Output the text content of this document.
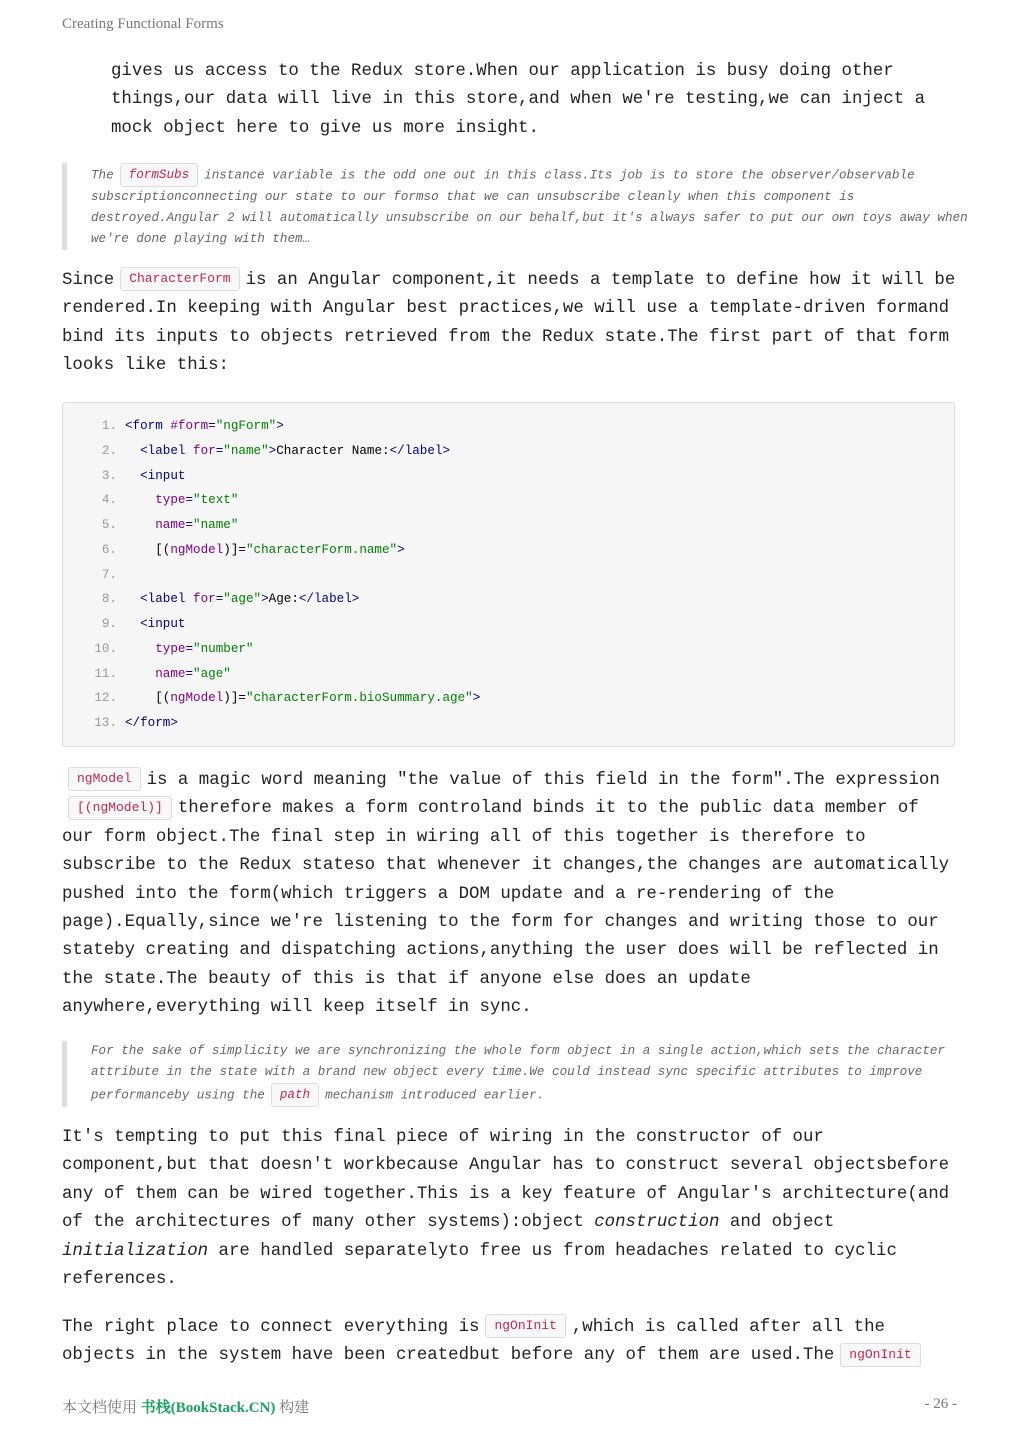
Creating Functional Forms

gives us access to the Redux store.When our application is busy doing other things,our data will live in this store,and when we're testing,we can inject a mock object here to give us more insight.

The formSubs instance variable is the odd one out in this class.Its job is to store the observer/observable subscriptionconnecting our state to our formso that we can unsubscribe cleanly when this component is destroyed.Angular 2 will automatically unsubscribe on our behalf,but it's always safer to put our own toys away when we're done playing with them…

Since CharacterForm is an Angular component,it needs a template to define how it will be rendered.In keeping with Angular best practices,we will use a template-driven formand bind its inputs to objects retrieved from the Redux state.The first part of that form looks like this:

1. <form #form="ngForm">
2.	<label for="name">Character Name:</label>
3.	<input
4.	type="text"
5.	name="name"
6.	[(ngModel)]="characterForm.name">
7.
8.	<label for="age">Age:</label>
9.	<input
10.	type="number"
11.	name="age"
12.	[(ngModel)]="characterForm.bioSummary.age">
13. </form>

ngModel is a magic word meaning "the value of this field in the form".The expression [(ngModel)] therefore makes a form controland binds it to the public data member of our form object.The final step in wiring all of this together is therefore to subscribe to the Redux stateso that whenever it changes,the changes are automatically pushed into the form(which triggers a DOM update and a re-rendering of the page).Equally,since we're listening to the form for changes and writing those to our stateby creating and dispatching actions,anything the user does will be reflected in the state.The beauty of this is that if anyone else does an update anywhere,everything will keep itself in sync.

For the sake of simplicity we are synchronizing the whole form object in a single action,which sets the character attribute in the state with a brand new object every time.We could instead sync specific attributes to improve performanceby using the path mechanism introduced earlier.

It's tempting to put this final piece of wiring in the constructor of our component,but that doesn't workbecause Angular has to construct several objectsbefore any of them can be wired together.This is a key feature of Angular's architecture(and of the architectures of many other systems):object construction and object initialization are handled separatelyto free us from headaches related to cyclic references.

The right place to connect everything is ngOnInit ,which is called after all the objects in the system have been createdbut before any of them are used.The ngOnInit

本文档使用 书栈(BookStack.CN) 构建	- 26 -
